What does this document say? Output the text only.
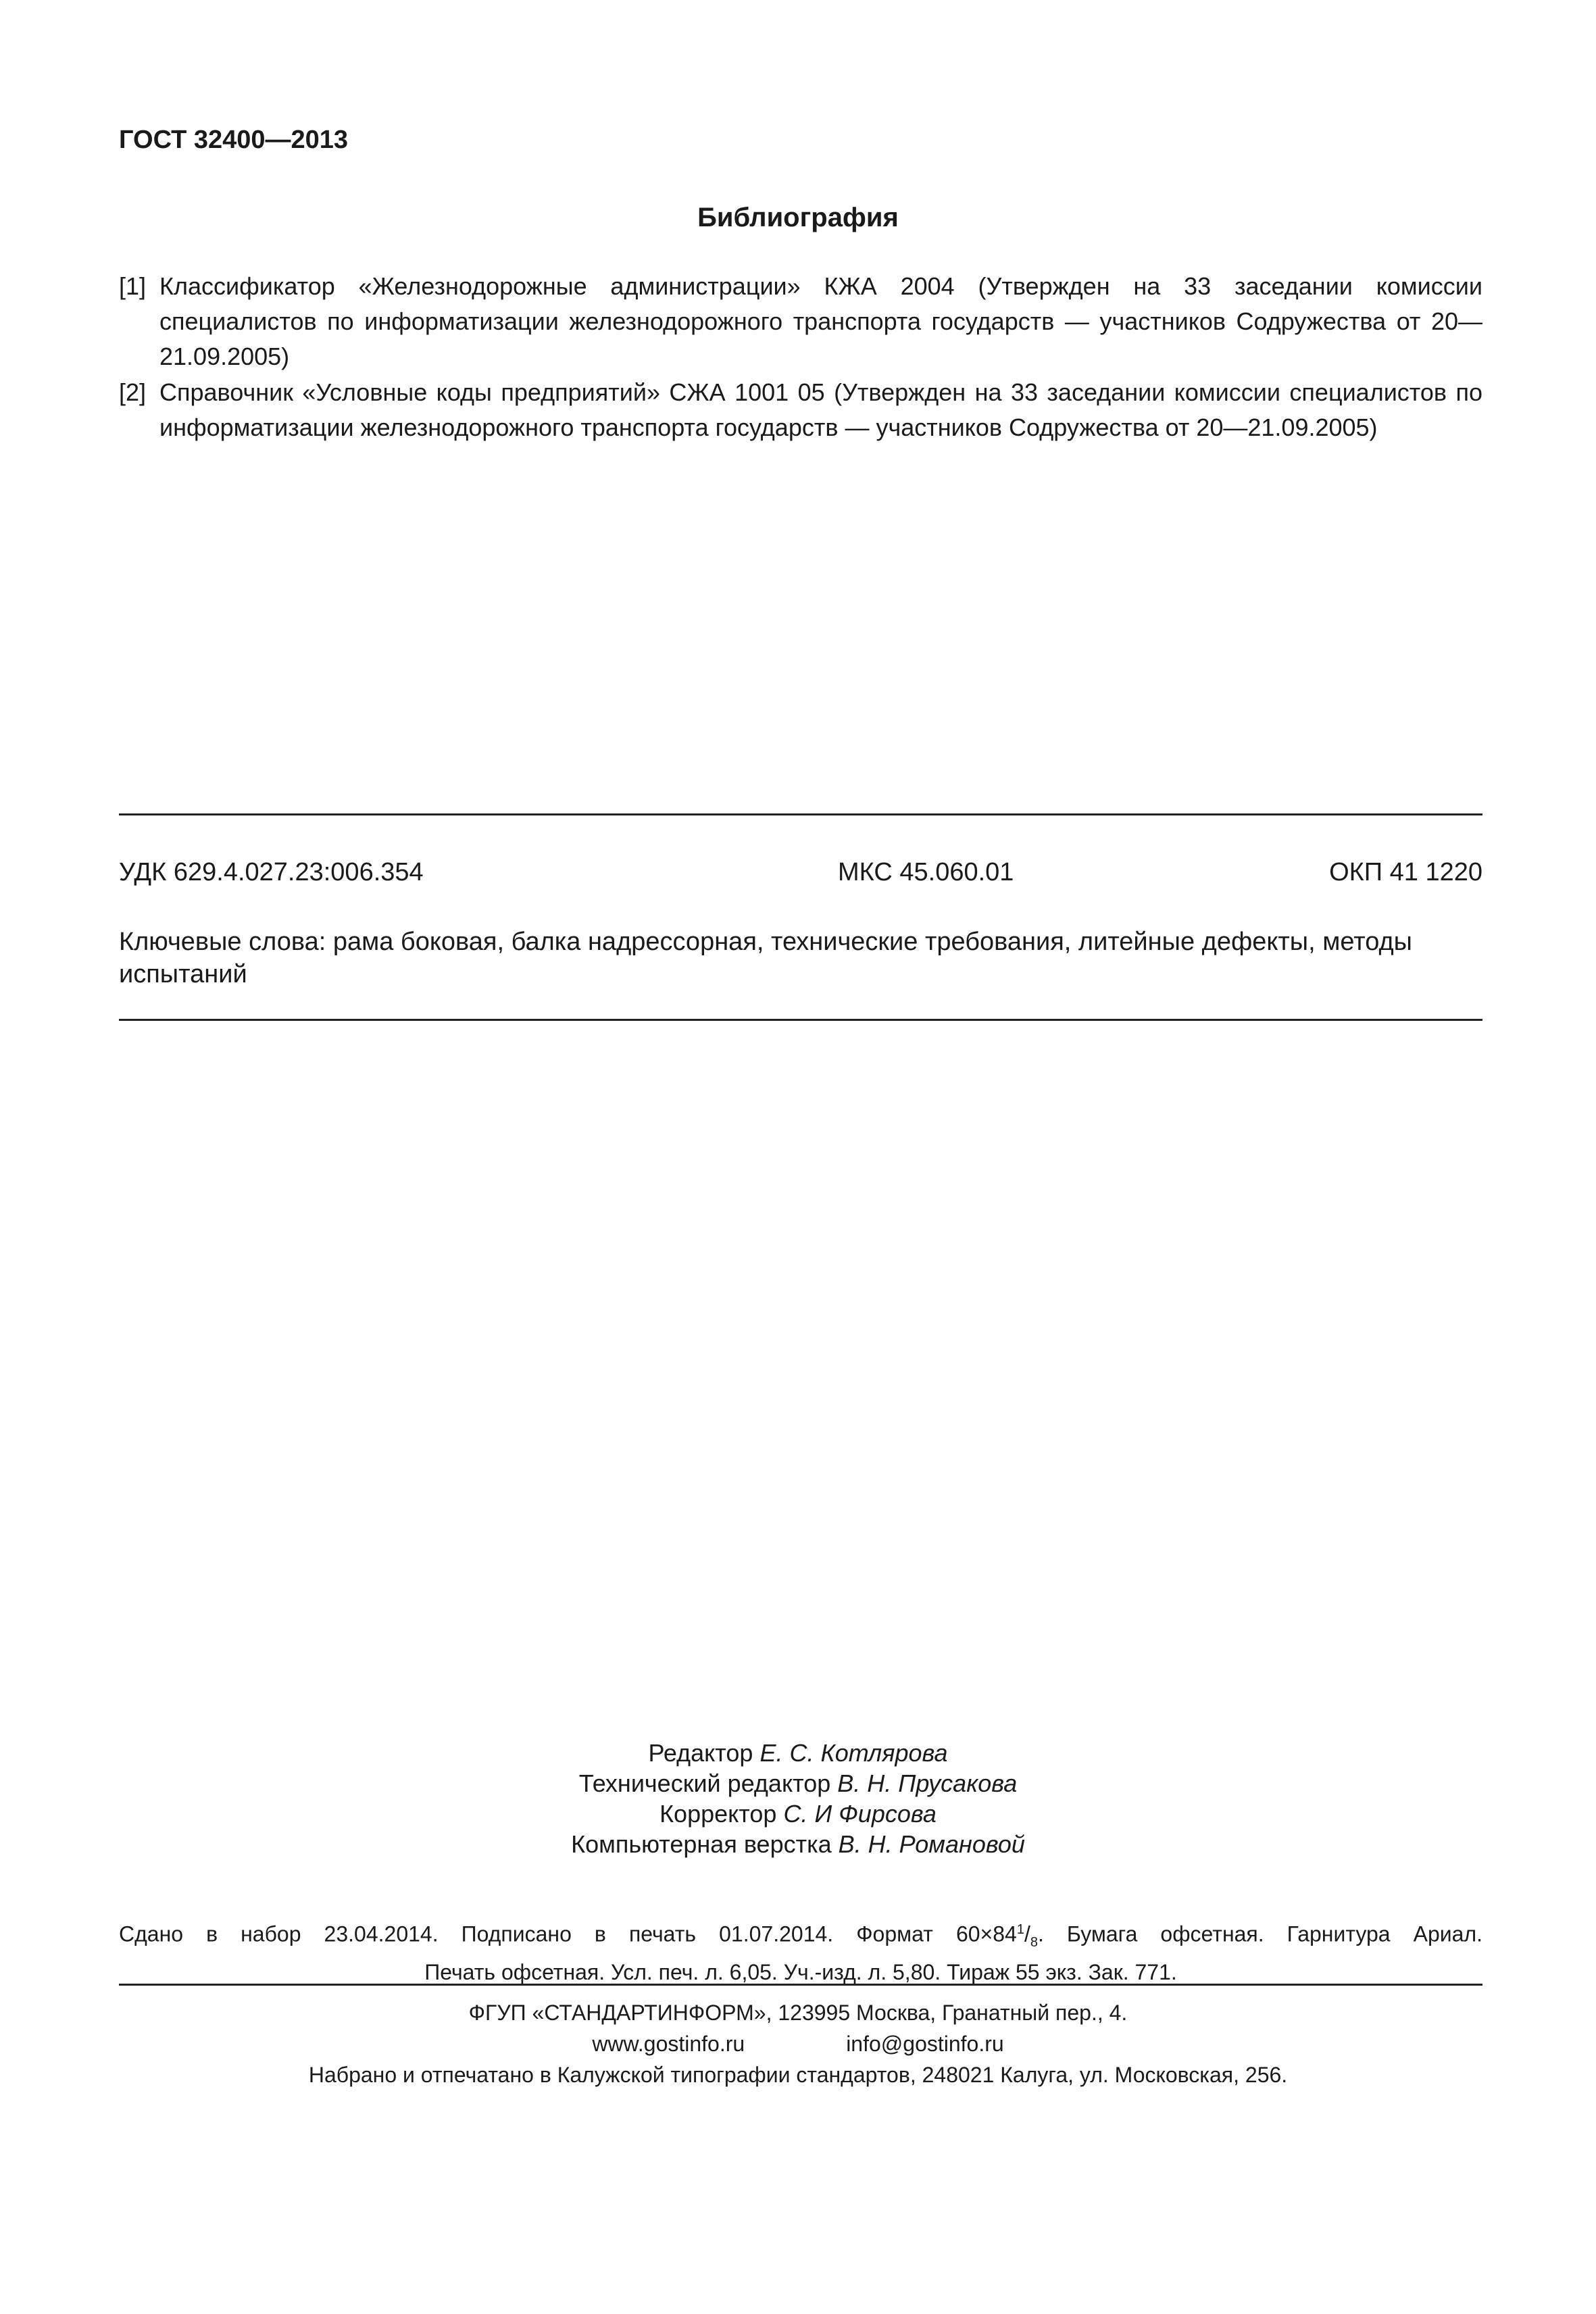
ГОСТ 32400—2013
Библиография
[1] Классификатор «Железнодорожные администрации» КЖА 2004 (Утвержден на 33 заседании комиссии специалистов по информатизации железнодорожного транспорта государств — участников Содружества от 20—21.09.2005)
[2] Справочник «Условные коды предприятий» СЖА 1001 05 (Утвержден на 33 заседании комиссии специалистов по информатизации железнодорожного транспорта государств — участников Содружества от 20—21.09.2005)
УДК 629.4.027.23:006.354	МКС 45.060.01	ОКП 41 1220
Ключевые слова: рама боковая, балка надрессорная, технические требования, литейные дефекты, методы испытаний
Редактор Е. С. Котлярова
Технический редактор В. Н. Прусакова
Корректор С. И Фирсова
Компьютерная верстка В. Н. Романовой
Сдано в набор 23.04.2014. Подписано в печать 01.07.2014. Формат $60\times 84^1/_8$. Бумага офсетная. Гарнитура Ариал.
Печать офсетная. Усл. печ. л. 6,05. Уч.-изд. л. 5,80. Тираж 55 экз. Зак. 771.
ФГУП «СТАНДАРТИНФОРМ», 123995 Москва, Гранатный пер., 4.
www.gostinfo.ru	info@gostinfo.ru
Набрано и отпечатано в Калужской типографии стандартов, 248021 Калуга, ул. Московская, 256.
